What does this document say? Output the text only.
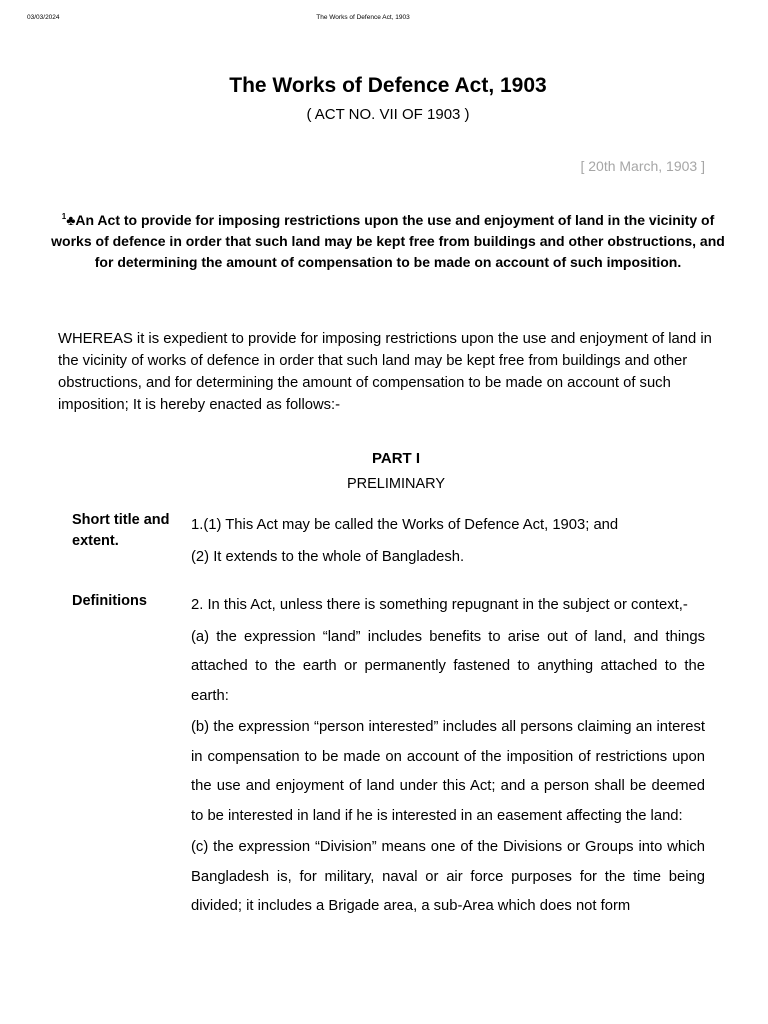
03/03/2024	The Works of Defence Act, 1903
The Works of Defence Act, 1903
( ACT NO. VII OF 1903 )
[ 20th March, 1903 ]
$^1$♣An Act to provide for imposing restrictions upon the use and enjoyment of land in the vicinity of works of defence in order that such land may be kept free from buildings and other obstructions, and for determining the amount of compensation to be made on account of such imposition.
WHEREAS it is expedient to provide for imposing restrictions upon the use and enjoyment of land in the vicinity of works of defence in order that such land may be kept free from buildings and other obstructions, and for determining the amount of compensation to be made on account of such imposition; It is hereby enacted as follows:-
PART I
PRELIMINARY
Short title and extent.

1.(1) This Act may be called the Works of Defence Act, 1903; and

(2) It extends to the whole of Bangladesh.

Definitions	2. In this Act, unless there is something repugnant in the subject or context,-

(a) the expression “land” includes benefits to arise out of land, and things attached to the earth or permanently fastened to anything attached to the earth:

(b) the expression “person interested” includes all persons claiming an interest in compensation to be made on account of the imposition of restrictions upon the use and enjoyment of land under this Act; and a person shall be deemed to be interested in land if he is interested in an easement affecting the land:

(c) the expression “Division” means one of the Divisions or Groups into which Bangladesh is, for military, naval or air force purposes for the time being divided; it includes a Brigade area, a sub-Area which does not form
